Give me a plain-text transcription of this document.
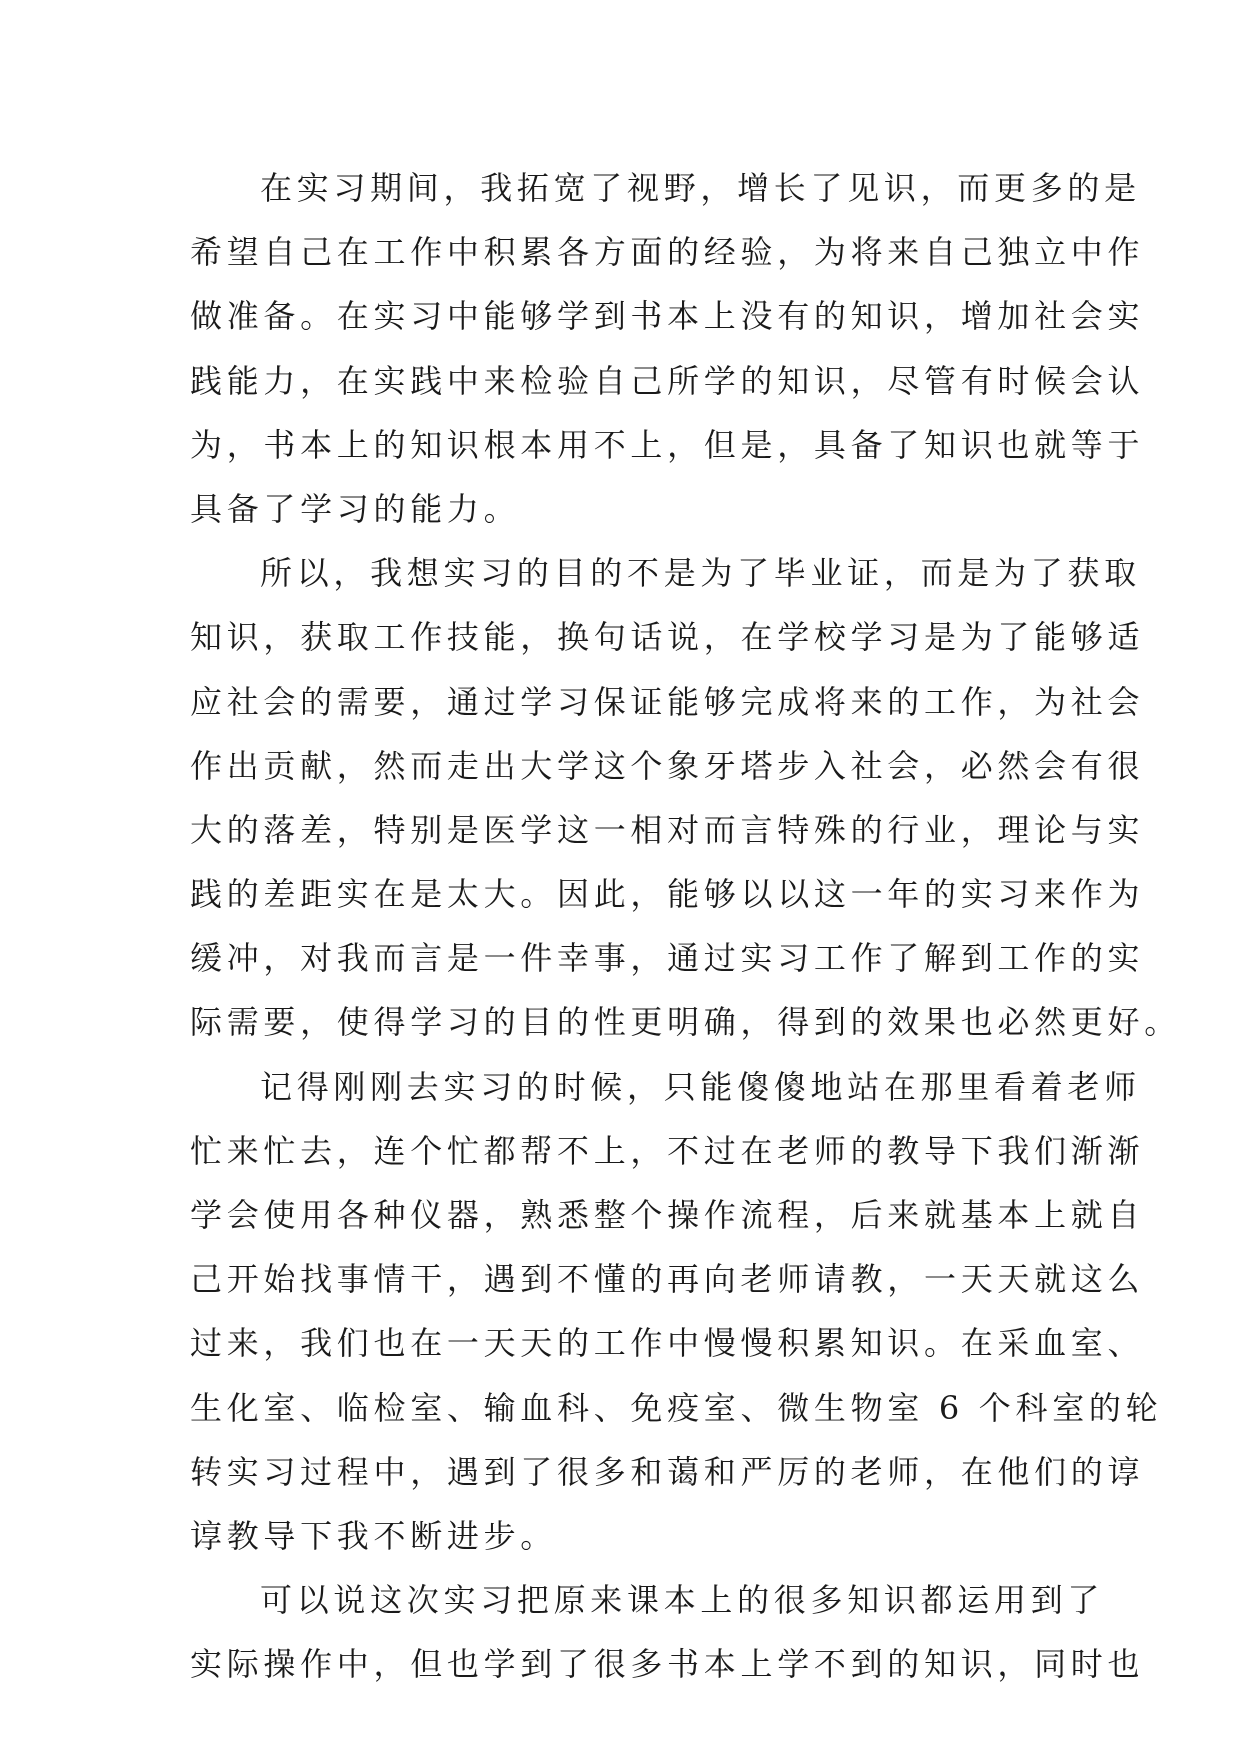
在实习期间，我拓宽了视野，增长了见识，而更多的是
希望自己在工作中积累各方面的经验，为将来自己独立中作
做准备。在实习中能够学到书本上没有的知识，增加社会实
践能力，在实践中来检验自己所学的知识，尽管有时候会认
为，书本上的知识根本用不上，但是，具备了知识也就等于
具备了学习的能力。
所以，我想实习的目的不是为了毕业证，而是为了获取
知识，获取工作技能，换句话说，在学校学习是为了能够适
应社会的需要，通过学习保证能够完成将来的工作，为社会
作出贡献，然而走出大学这个象牙塔步入社会，必然会有很
大的落差，特别是医学这一相对而言特殊的行业，理论与实
践的差距实在是太大。因此，能够以以这一年的实习来作为
缓冲，对我而言是一件幸事，通过实习工作了解到工作的实
际需要，使得学习的目的性更明确，得到的效果也必然更好。
记得刚刚去实习的时候，只能傻傻地站在那里看着老师
忙来忙去，连个忙都帮不上，不过在老师的教导下我们渐渐
学会使用各种仪器，熟悉整个操作流程，后来就基本上就自
己开始找事情干，遇到不懂的再向老师请教，一天天就这么
过来，我们也在一天天的工作中慢慢积累知识。在采血室、
生化室、临检室、输血科、免疫室、微生物室 6 个科室的轮
转实习过程中，遇到了很多和蔼和严厉的老师，在他们的谆
谆教导下我不断进步。
可以说这次实习把原来课本上的很多知识都运用到了
实际操作中，但也学到了很多书本上学不到的知识，同时也
